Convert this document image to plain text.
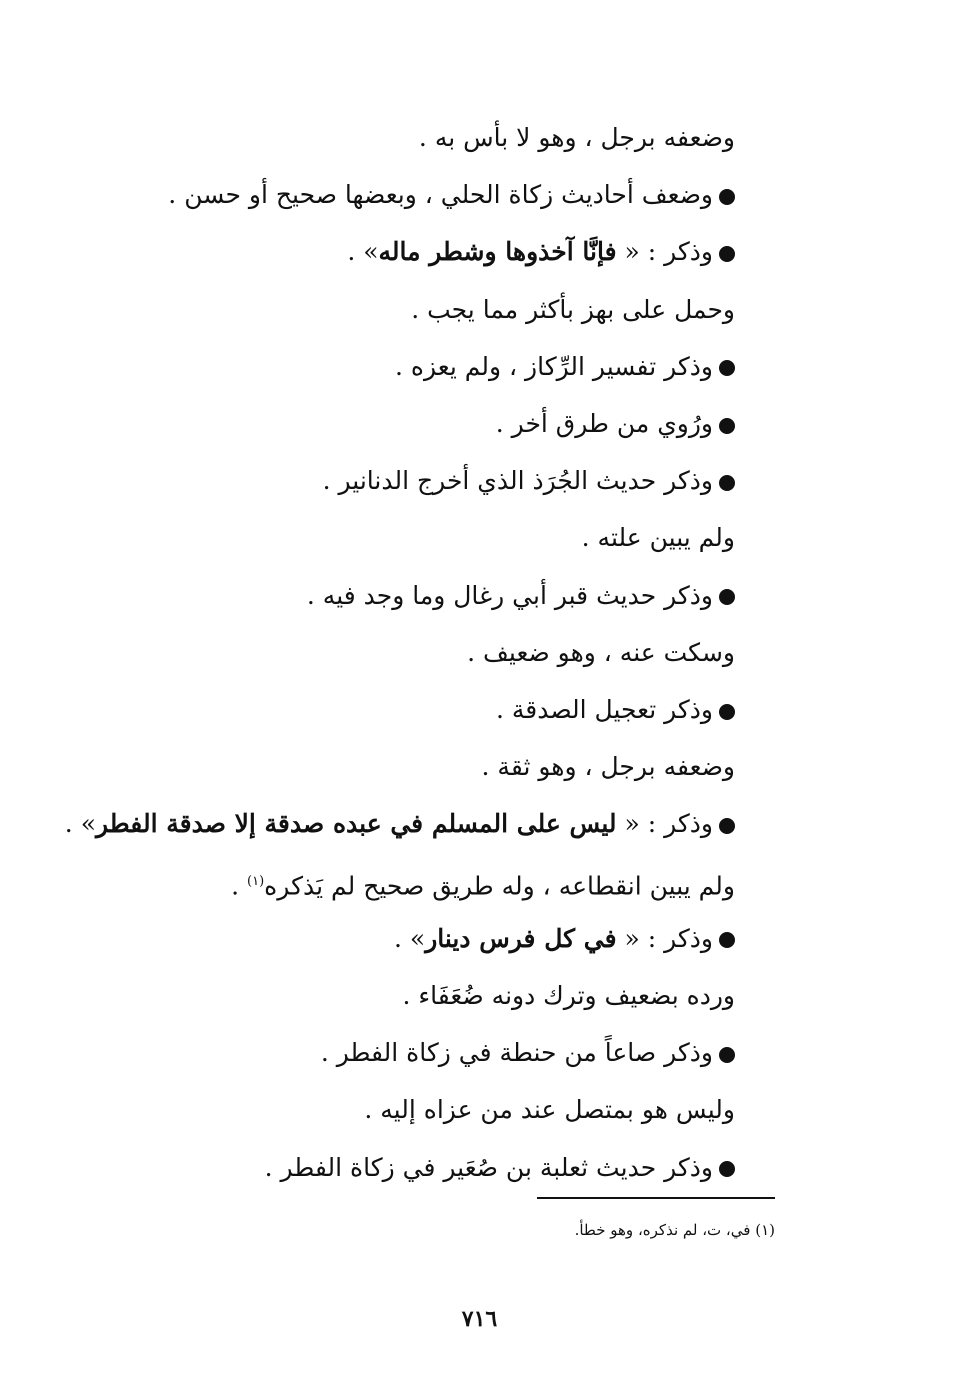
وضعفه برجل ، وهو لا بأس به .
وضعف أحاديث زكاة الحلي ، وبعضها صحيح أو حسن .
وذكر : « فإنَّا آخذوها وشطر ماله» .
وحمل على بهز بأكثر مما يجب .
وذكر تفسير الرِّكاز ، ولم يعزه .
ورُوي من طرق أخر .
وذكر حديث الجُرَذ الذي أخرج الدنانير .
ولم يبين علته .
وذكر حديث قبر أبي رغال وما وجد فيه .
وسكت عنه ، وهو ضعيف .
وذكر تعجيل الصدقة .
وضعفه برجل ، وهو ثقة .
وذكر : « ليس على المسلم في عبده صدقة إلا صدقة الفطر» .
ولم يبين انقطاعه ، وله طريق صحيح لم يَذكره$^{(١)}$ .
وذكر : « في كل فرس دينار» .
ورده بضعيف وترك دونه ضُعَفَاء .
وذكر صاعاً من حنطة في زكاة الفطر .
وليس هو بمتصل عند من عزاه إليه .
وذكر حديث ثعلبة بن صُعَير في زكاة الفطر .
(١) في، ت، لم نذكره، وهو خطأ.
٧١٦
